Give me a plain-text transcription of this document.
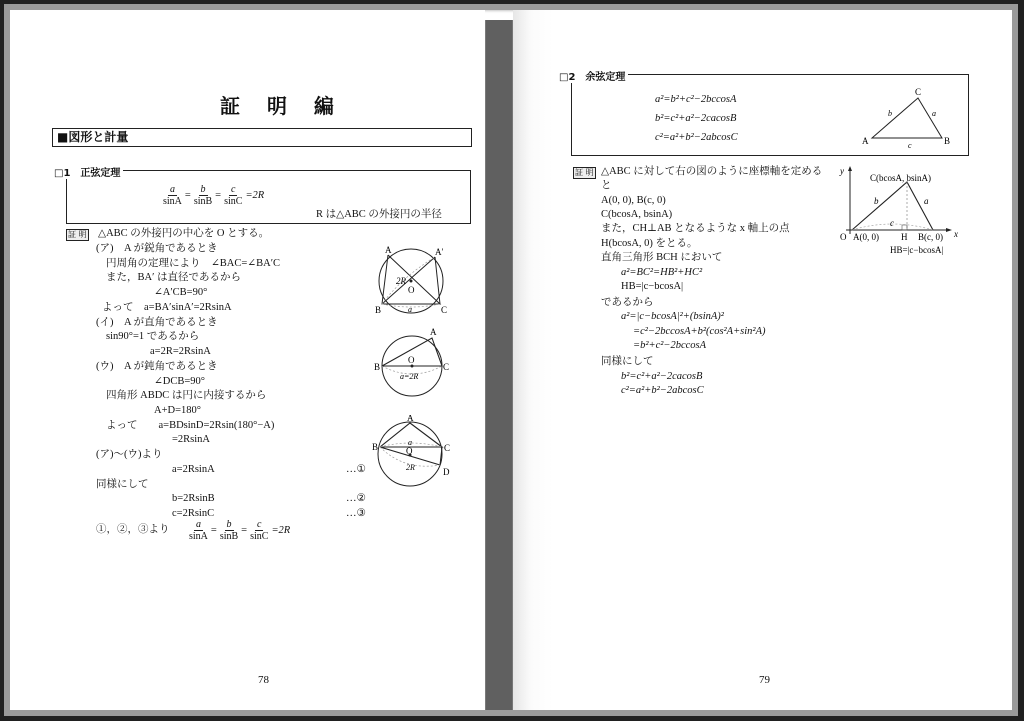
証 明 編
■図形と計量
□1　正弦定理
$\frac{a}{\sin A} = \frac{b}{\sin B} = \frac{c}{\sin C} =2R$
R は△ABC の外接円の半径
証 明 △ABC の外接円の中心を O とする。
(ア)　A が鋭角であるとき
円周角の定理により　∠BAC=∠BA′C
また，BA′ は直径であるから
∠A′CB=90°
よって　a=BA′sinA′=2RsinA
(イ)　A が直角であるとき
sin90°=1 であるから
a=2R=2RsinA
(ウ)　A が鈍角であるとき
∠DCB=90°
四角形 ABDC は円に内接するから
A+D=180°
よって　　a=BDsinD=2Rsin(180°−A)
=2RsinA
(ア)〜(ウ)より
a=2RsinA	…①
同様にして
b=2RsinB	…②
c=2RsinC	…③
①，②，③より $\frac{a}{\sin A} = \frac{b}{\sin B} = \frac{c}{\sin C} =2R$
A	A′
2R
O
B	C
a
A
B
O
C
a=2R
A
B	a
O	C
2R	D
78
□2　余弦定理
a²=b²+c²−2bccosA
b²=c²+a²−2cacosB
c²=a²+b²−2abcosC
C
A	B
b	a
c
証 明 △ABC に対して右の図のように座標軸を定める
と
A(0, 0), B(c, 0)
C(bcosA, bsinA)
また，CH⊥AB となるような x 軸上の点
H(bcosA, 0) をとる。
直角三角形 BCH において
a²=BC²=HB²+HC²
HB=|c−bcosA|
であるから
a²=|c−bcosA|²+(bsinA)²
=c²−2bccosA+b²(cos²A+sin²A)
=b²+c²−2bccosA
同様にして
b²=c²+a²−2cacosB
c²=a²+b²−2abcosC
y
x
C(bcosA, bsinA)
b	a
c
O A(0, 0) H B(c, 0)
HB=|c−bcosA|
79
